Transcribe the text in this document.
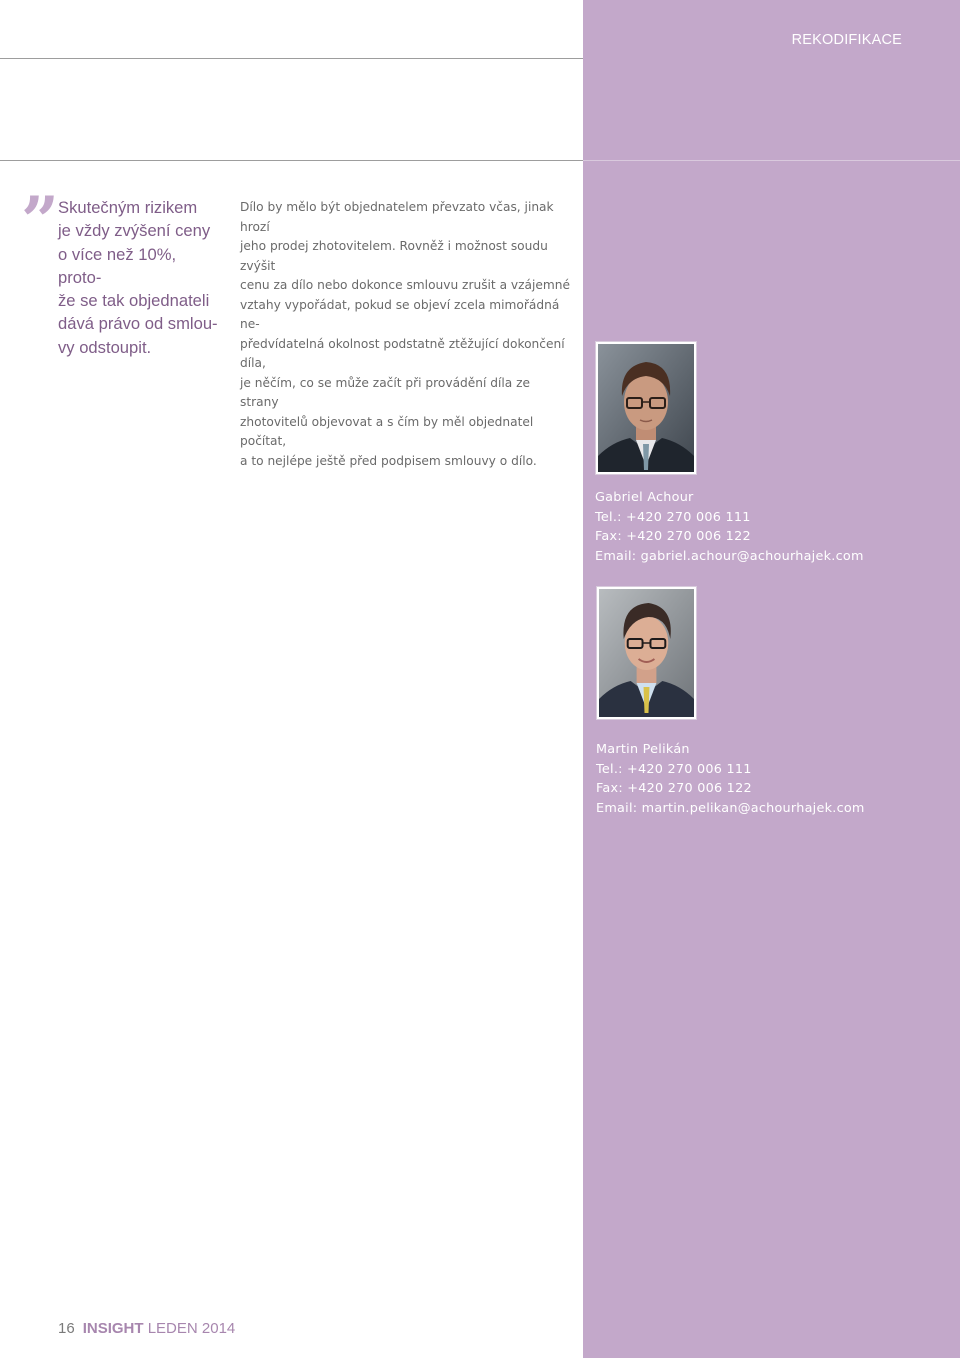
REKODIFIKACE
” Skutečným rizikem

je vždy zvýšení ceny

o více než 10%, proto-

že se tak objednateli

dává právo od smlou-

vy odstoupit.

Dílo by mělo být objednatelem převzato včas, jinak hrozí

jeho prodej zhotovitelem. Rovněž i možnost soudu zvýšit

cenu za dílo nebo dokonce smlouvu zrušit a vzájemné

vztahy vypořádat, pokud se objeví zcela mimořádná ne-

předvídatelná okolnost podstatně ztěžující dokončení díla,

je něčím, co se může začít při provádění díla ze strany

zhotovitelů objevovat a s čím by měl objednatel počítat,

a to nejlépe ještě před podpisem smlouvy o dílo.

Gabriel Achour
Tel.: +420 270 006 111
Fax: +420 270 006 122
Email: gabriel.achour@achourhajek.com
Martin Pelikán
Tel.: +420 270 006 111
Fax: +420 270 006 122
Email: martin.pelikan@achourhajek.com
16 INSIGHT LEDEN 2014
